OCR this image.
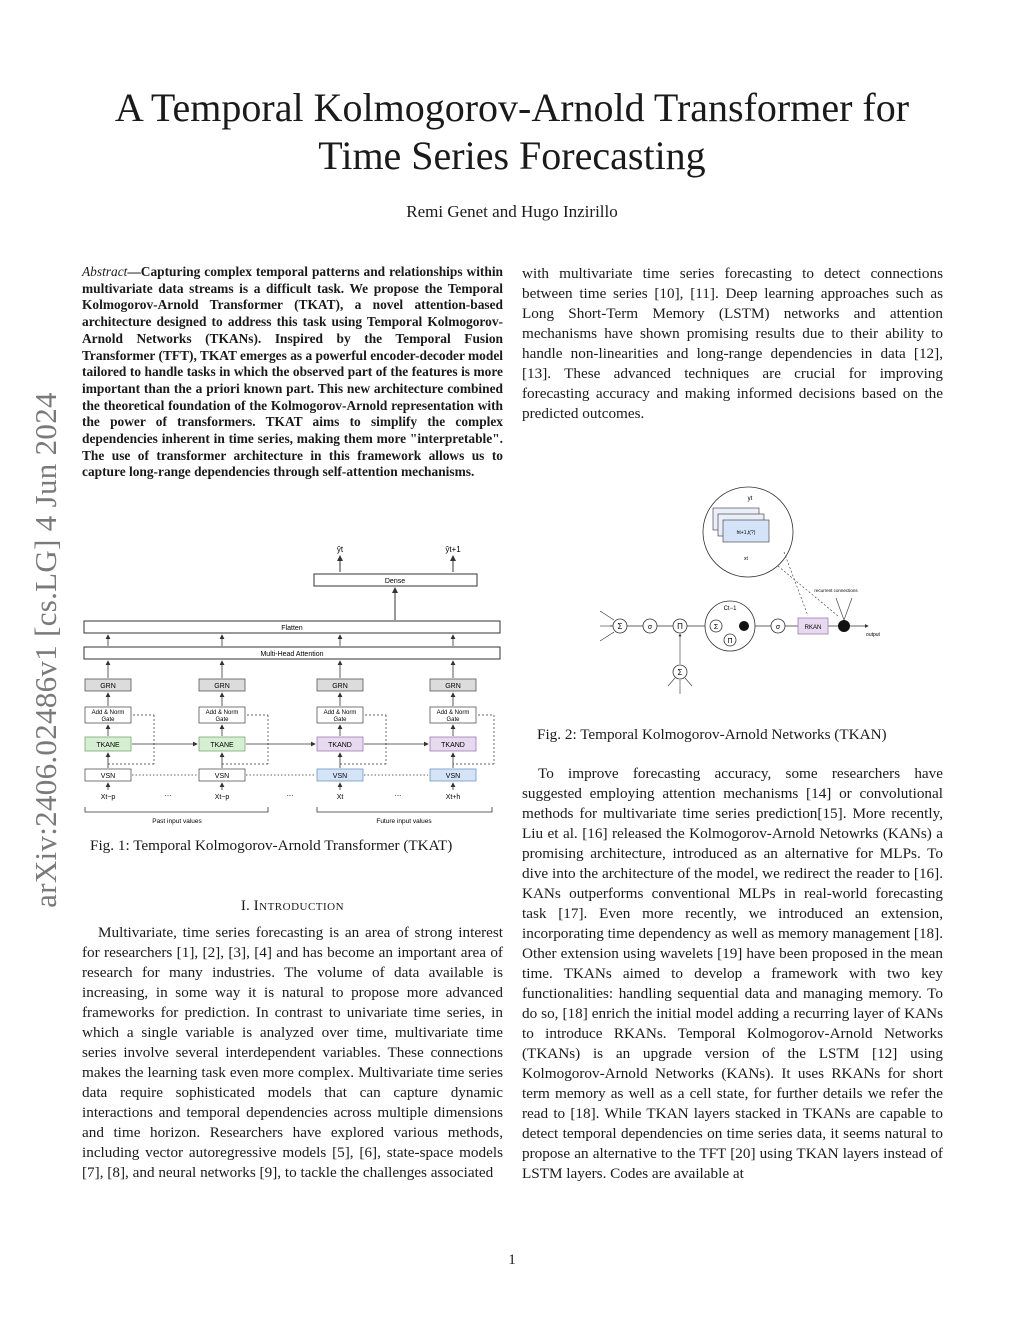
A Temporal Kolmogorov-Arnold Transformer for
Time Series Forecasting
Remi Genet and Hugo Inzirillo
arXiv:2406.02486v1 [cs.LG] 4 Jun 2024
Abstract—Capturing complex temporal patterns and relationships within multivariate data streams is a difficult task. We propose the Temporal Kolmogorov-Arnold Transformer (TKAT), a novel attention-based architecture designed to address this task using Temporal Kolmogorov-Arnold Networks (TKANs). Inspired by the Temporal Fusion Transformer (TFT), TKAT emerges as a powerful encoder-decoder model tailored to handle tasks in which the observed part of the features is more important than the a priori known part. This new architecture combined the theoretical foundation of the Kolmogorov-Arnold representation with the power of transformers. TKAT aims to simplify the complex dependencies inherent in time series, making them more "interpretable". The use of transformer architecture in this framework allows us to capture long-range dependencies through self-attention mechanisms.
ŷt	ŷt+1
Dense
Flatten
Multi-Head Attention
GRN
Add & Norm
Gate
TKANE
VSN
Xt−p
GRN
Add & Norm
Gate
TKANE
VSN
Xt−p
GRN
Add & Norm
Gate
TKAND
VSN
Xt
GRN
Add & Norm
Gate
TKAND
VSN
Xt+h
...	...	...
Past input values	Future input values
Fig. 1: Temporal Kolmogorov-Arnold Transformer (TKAT)
I. Introduction

Multivariate, time series forecasting is an area of strong interest for researchers [1], [2], [3], [4] and has become an important area of research for many industries. The volume of data available is increasing, in some way it is natural to propose more advanced frameworks for prediction. In contrast to univariate time series, in which a single variable is analyzed over time, multivariate time series involve several interdependent variables. These connections makes the learning task even more complex. Multivariate time series data require sophisticated models that can capture dynamic interactions and temporal dependencies across multiple dimensions and time horizon. Researchers have explored various methods, including vector autoregressive models [5], [6], state-space models [7], [8], and neural networks [9], to tackle the challenges associated

with multivariate time series forecasting to detect connections between time series [10], [11]. Deep learning approaches such as Long Short-Term Memory (LSTM) networks and attention mechanisms have shown promising results due to their ability to handle non-linearities and long-range dependencies in data [12], [13]. These advanced techniques are crucial for improving forecasting accuracy and making informed decisions based on the predicted outcomes.

yt
ht+1,t(?)
xt
Σ	σ	Π
Σ
Ct−1
Σ
Π
σ	RKAN
recurrent connections
output
Fig. 2: Temporal Kolmogorov-Arnold Networks (TKAN)

To improve forecasting accuracy, some researchers have suggested employing attention mechanisms [14] or convolutional methods for multivariate time series prediction[15]. More recently, Liu et al. [16] released the Kolmogorov-Arnold Netowrks (KANs) a promising architecture, introduced as an alternative for MLPs. To dive into the architecture of the model, we redirect the reader to [16]. KANs outperforms conventional MLPs in real-world forecasting task [17]. Even more recently, we introduced an extension, incorporating time dependency as well as memory management [18]. Other extension using wavelets [19] have been proposed in the mean time. TKANs aimed to develop a framework with two key functionalities: handling sequential data and managing memory. To do so, [18] enrich the initial model adding a recurring layer of KANs to introduce RKANs. Temporal Kolmogorov-Arnold Networks (TKANs) is an upgrade version of the LSTM [12] using Kolmogorov-Arnold Networks (KANs). It uses RKANs for short term memory as well as a cell state, for further details we refer the read to [18]. While TKAN layers stacked in TKANs are capable to detect temporal dependencies on time series data, it seems natural to propose an alternative to the TFT [20] using TKAN layers instead of LSTM layers. Codes are available at

1
